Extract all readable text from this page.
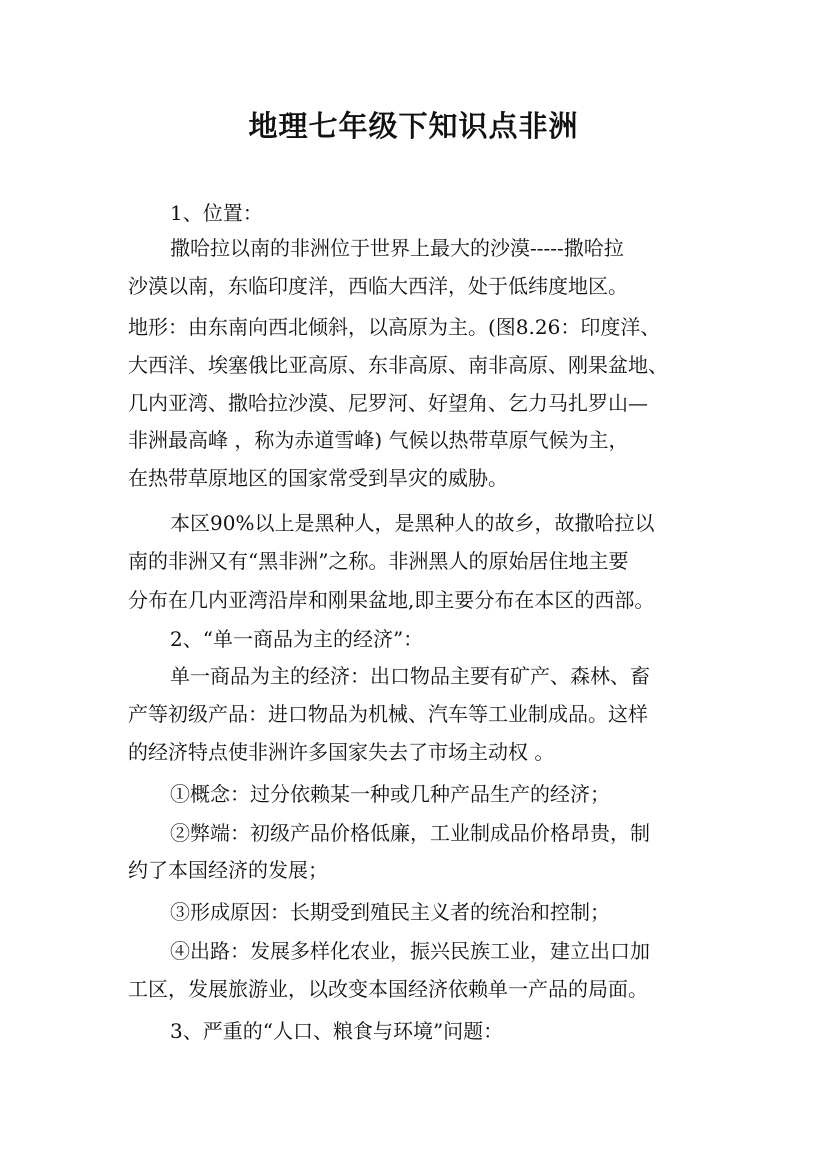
地理七年级下知识点非洲
1、位置：
撒哈拉以南的非洲位于世界上最大的沙漠-----撒哈拉
沙漠以南，东临印度洋，西临大西洋，处于低纬度地区。
地形：由东南向西北倾斜，以高原为主。(图8.26：印度洋、
大西洋、埃塞俄比亚高原、东非高原、南非高原、刚果盆地、
几内亚湾、撒哈拉沙漠、尼罗河、好望角、乞力马扎罗山—
非洲最高峰 ，称为赤道雪峰) 气候以热带草原气候为主，
在热带草原地区的国家常受到旱灾的威胁。
本区90%以上是黑种人，是黑种人的故乡，故撒哈拉以
南的非洲又有“黑非洲”之称。非洲黑人的原始居住地主要
分布在几内亚湾沿岸和刚果盆地,即主要分布在本区的西部。
2、“单一商品为主的经济”：
单一商品为主的经济：出口物品主要有矿产、森林、畜
产等初级产品：进口物品为机械、汽车等工业制成品。这样
的经济特点使非洲许多国家失去了市场主动权 。
①概念：过分依赖某一种或几种产品生产的经济；
②弊端：初级产品价格低廉，工业制成品价格昂贵，制
约了本国经济的发展；
③形成原因：长期受到殖民主义者的统治和控制；
④出路：发展多样化农业，振兴民族工业，建立出口加
工区，发展旅游业，以改变本国经济依赖单一产品的局面。
3、严重的“人口、粮食与环境”问题：
